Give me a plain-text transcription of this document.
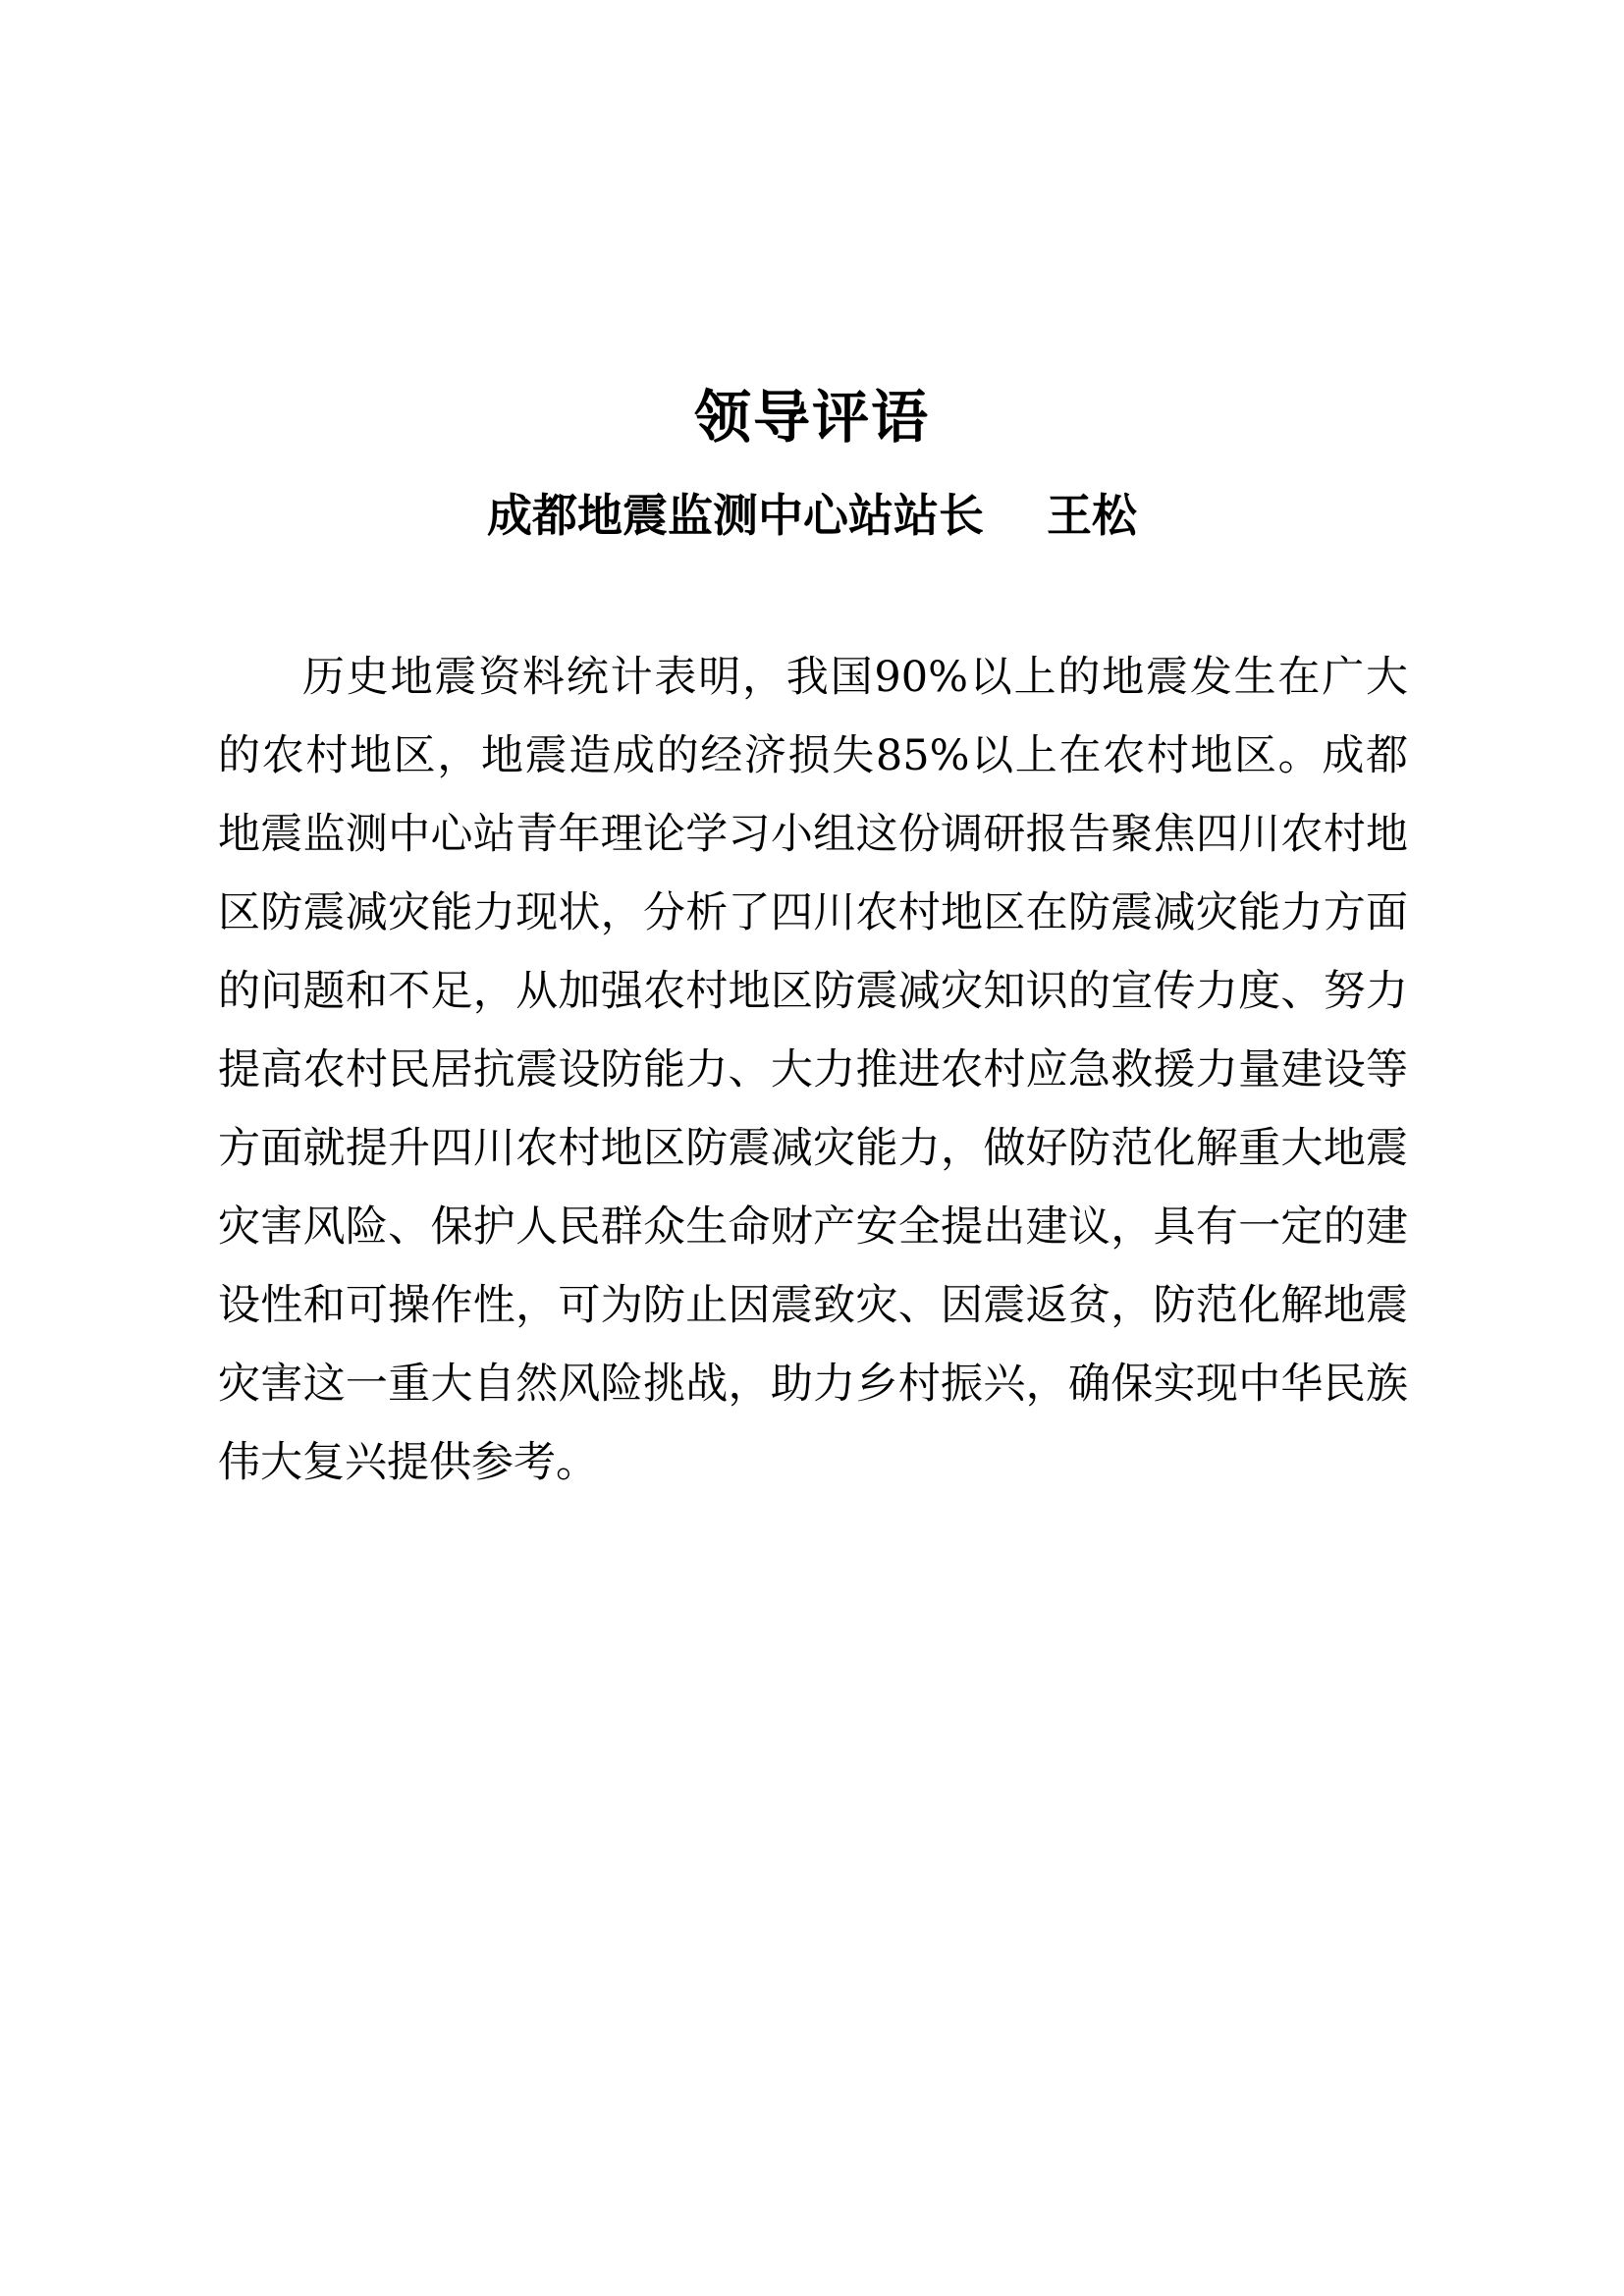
领导评语
成都地震监测中心站站长    王松

历史地震资料统计表明，我国90%以上的地震发生在广大的农村地区，地震造成的经济损失85%以上在农村地区。成都地震监测中心站青年理论学习小组这份调研报告聚焦四川农村地区防震减灾能力现状，分析了四川农村地区在防震减灾能力方面的问题和不足，从加强农村地区防震减灾知识的宣传力度、努力提高农村民居抗震设防能力、大力推进农村应急救援力量建设等方面就提升四川农村地区防震减灾能力，做好防范化解重大地震灾害风险、保护人民群众生命财产安全提出建议，具有一定的建设性和可操作性，可为防止因震致灾、因震返贫，防范化解地震灾害这一重大自然风险挑战，助力乡村振兴，确保实现中华民族伟大复兴提供参考。
